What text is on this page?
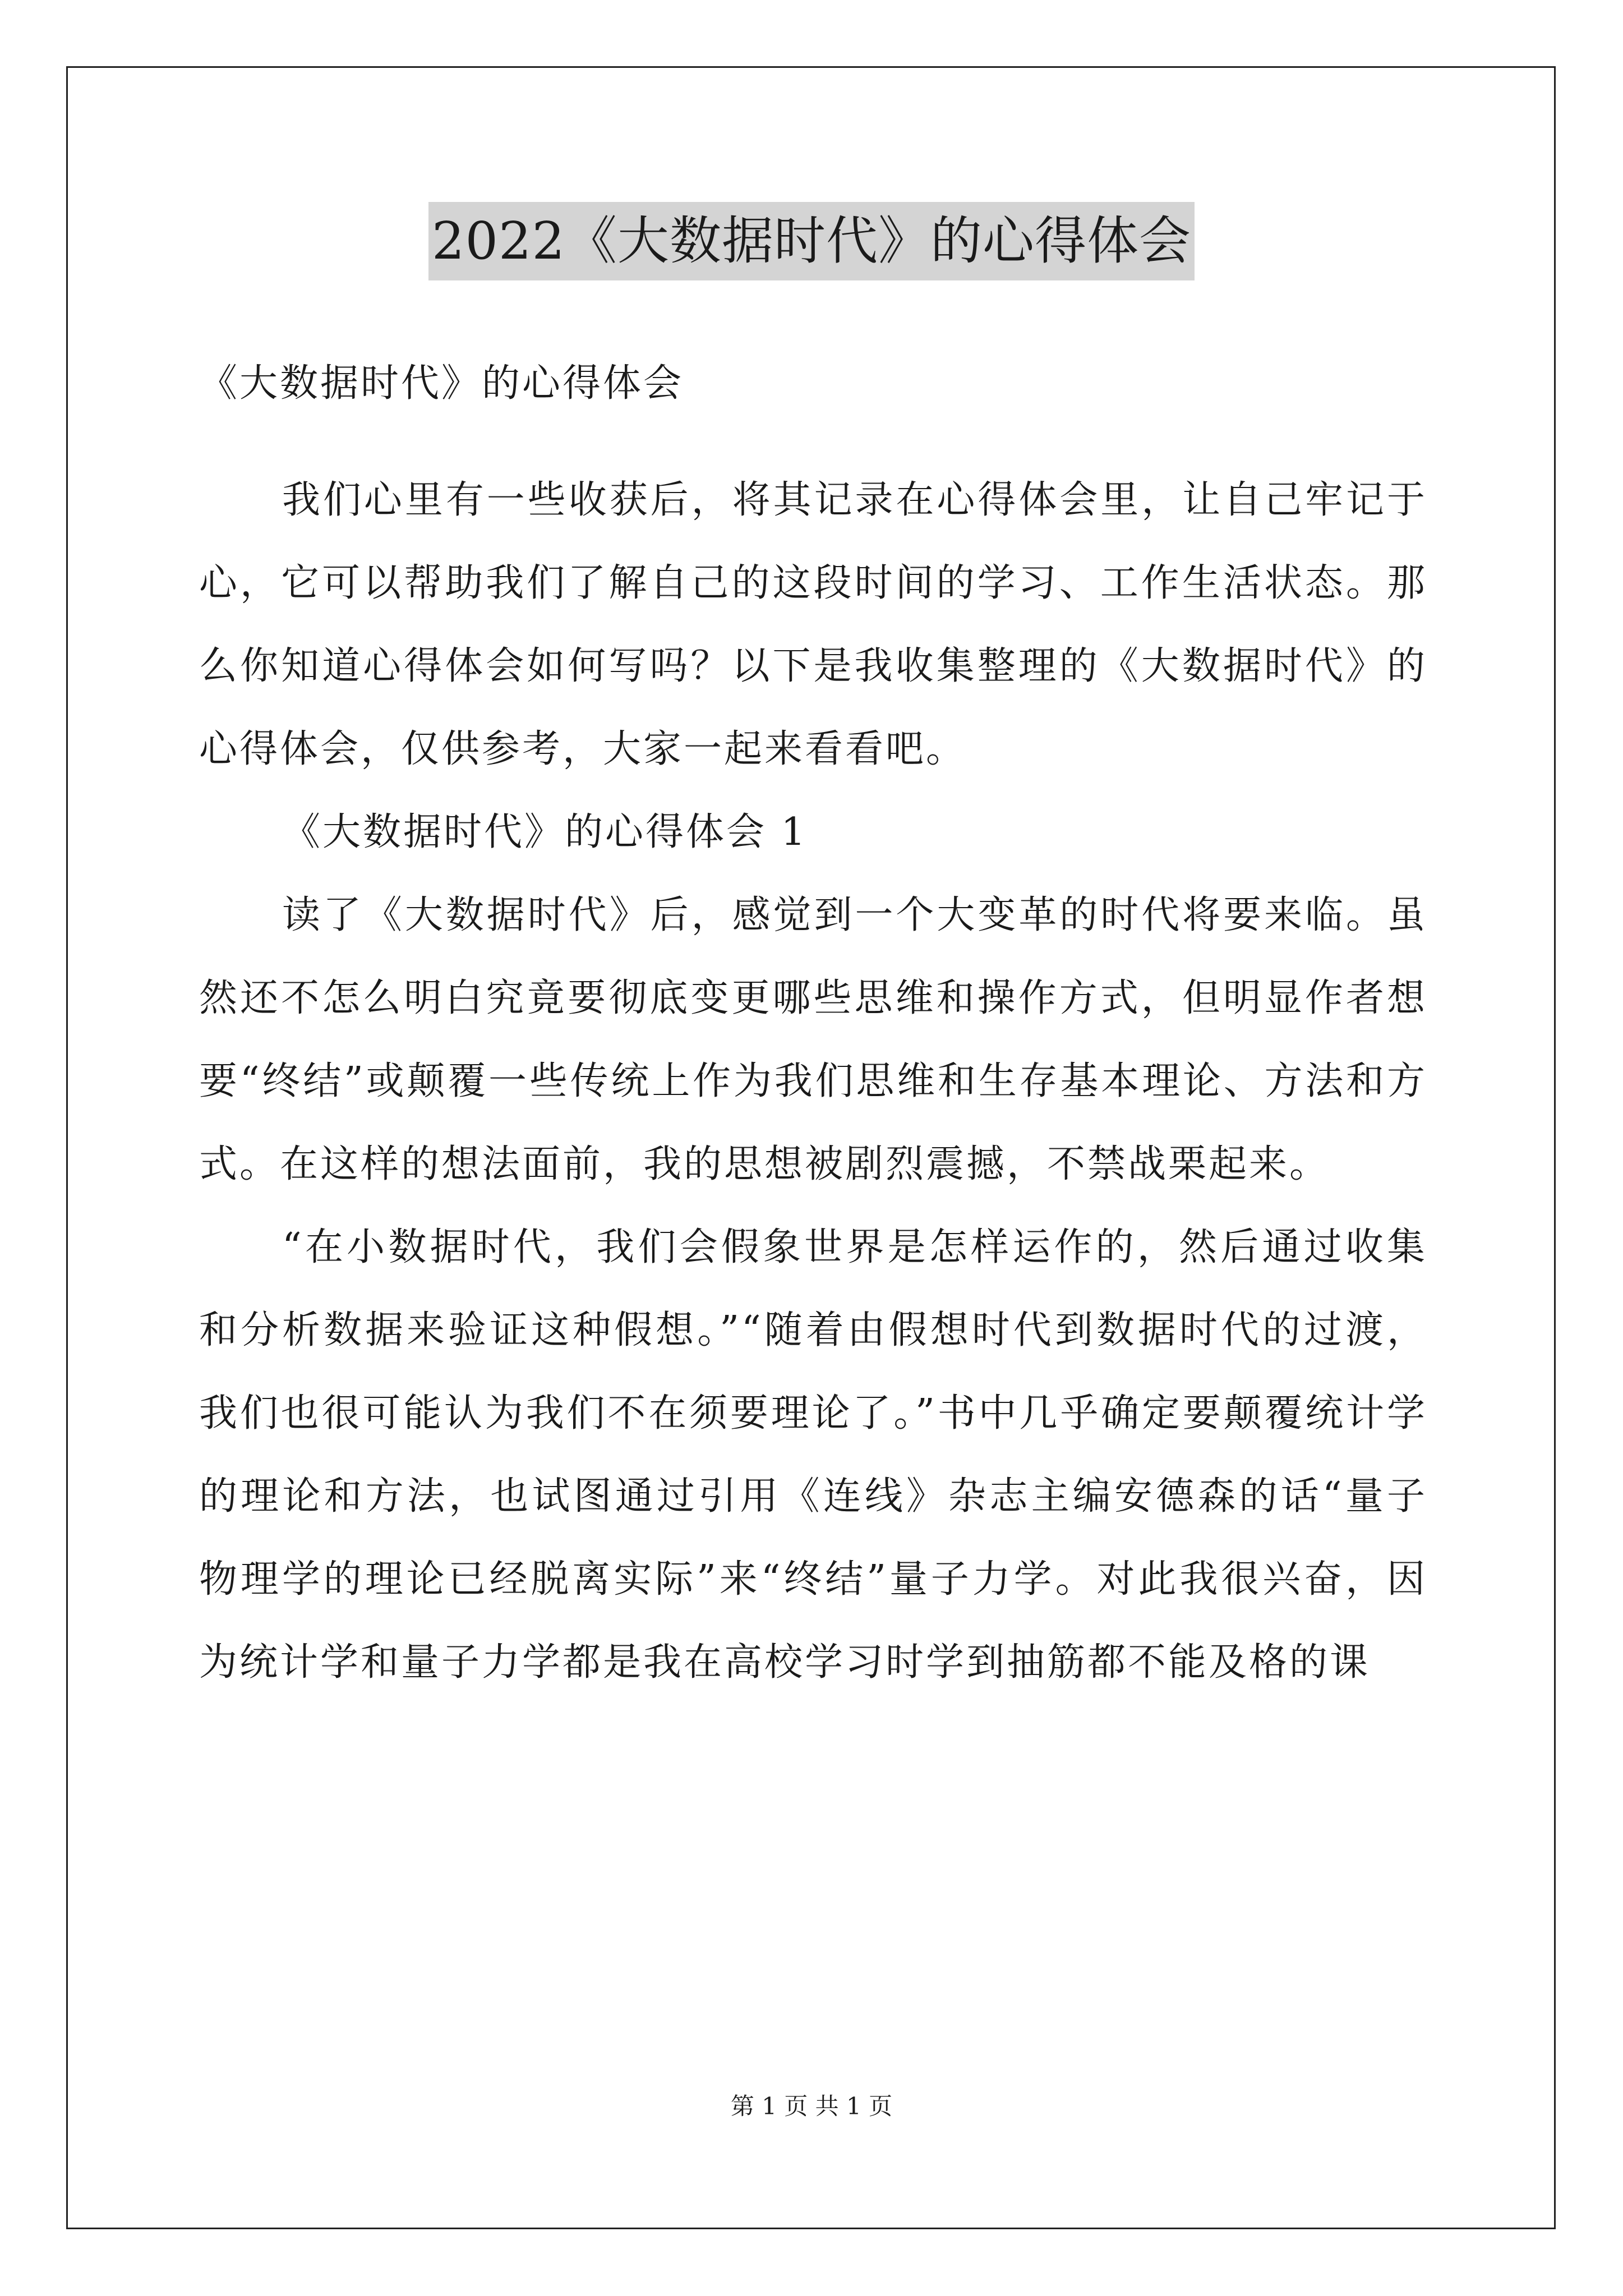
2022《大数据时代》的心得体会

《大数据时代》的心得体会

我们心里有一些收获后，将其记录在心得体会里，让自己牢记于心，它可以帮助我们了解自己的这段时间的学习、工作生活状态。那么你知道心得体会如何写吗？以下是我收集整理的《大数据时代》的心得体会，仅供参考，大家一起来看看吧。

《大数据时代》的心得体会 1

读了《大数据时代》后，感觉到一个大变革的时代将要来临。虽然还不怎么明白究竟要彻底变更哪些思维和操作方式，但明显作者想要“终结”或颠覆一些传统上作为我们思维和生存基本理论、方法和方式。在这样的想法面前，我的思想被剧烈震撼，不禁战栗起来。

“在小数据时代，我们会假象世界是怎样运作的，然后通过收集和分析数据来验证这种假想。”“随着由假想时代到数据时代的过渡，我们也很可能认为我们不在须要理论了。”书中几乎确定要颠覆统计学的理论和方法，也试图通过引用《连线》杂志主编安德森的话“量子物理学的理论已经脱离实际”来“终结”量子力学。对此我很兴奋，因为统计学和量子力学都是我在高校学习时学到抽筋都不能及格的课

第 1 页 共 1 页
